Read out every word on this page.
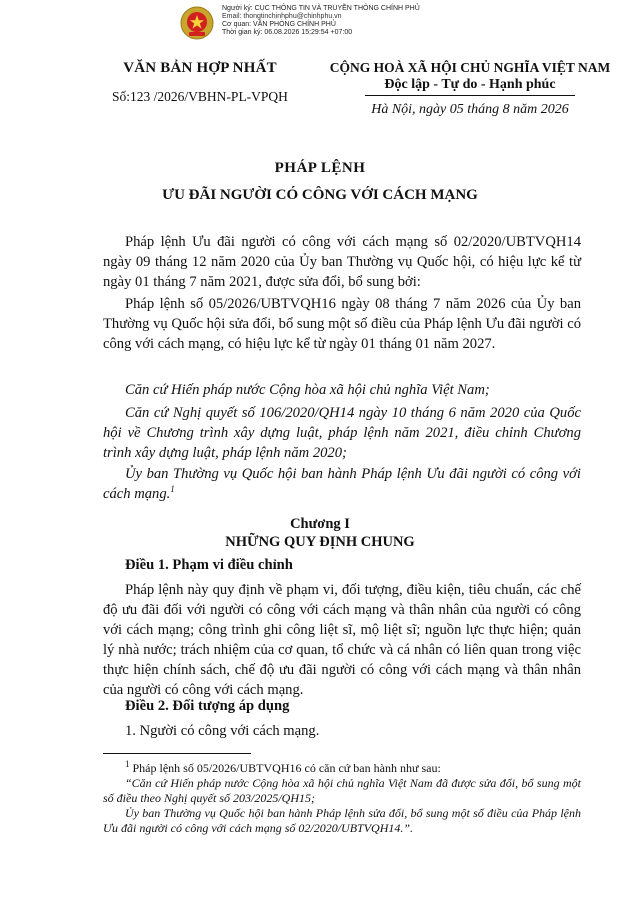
Người ký: CỤC THÔNG TIN VÀ TRUYỀN THÔNG CHÍNH PHỦ
Email: thongtinchinhphu@chinhphu.vn
Cơ quan: VĂN PHÒNG CHÍNH PHỦ
Thời gian ký: 06.08.2026 15:29:54 +07:00
VĂN BẢN HỢP NHẤT
Số:123 /2026/VBHN-PL-VPQH
CỘNG HOÀ XÃ HỘI CHỦ NGHĨA VIỆT NAM
Độc lập - Tự do - Hạnh phúc
Hà Nội, ngày 05 tháng 8 năm 2026
PHÁP LỆNH
ƯU ĐÃI NGƯỜI CÓ CÔNG VỚI CÁCH MẠNG
Pháp lệnh Ưu đãi người có công với cách mạng số 02/2020/UBTVQH14 ngày 09 tháng 12 năm 2020 của Ủy ban Thường vụ Quốc hội, có hiệu lực kể từ ngày 01 tháng 7 năm 2021, được sửa đổi, bổ sung bởi:
Pháp lệnh số 05/2026/UBTVQH16 ngày 08 tháng 7 năm 2026 của Ủy ban Thường vụ Quốc hội sửa đổi, bổ sung một số điều của Pháp lệnh Ưu đãi người có công với cách mạng, có hiệu lực kể từ ngày 01 tháng 01 năm 2027.
Căn cứ Hiến pháp nước Cộng hòa xã hội chủ nghĩa Việt Nam;
Căn cứ Nghị quyết số 106/2020/QH14 ngày 10 tháng 6 năm 2020 của Quốc hội về Chương trình xây dựng luật, pháp lệnh năm 2021, điều chỉnh Chương trình xây dựng luật, pháp lệnh năm 2020;
Ủy ban Thường vụ Quốc hội ban hành Pháp lệnh Ưu đãi người có công với cách mạng.$^1$
Chương I
NHỮNG QUY ĐỊNH CHUNG
Điều 1. Phạm vi điều chỉnh
Pháp lệnh này quy định về phạm vi, đối tượng, điều kiện, tiêu chuẩn, các chế độ ưu đãi đối với người có công với cách mạng và thân nhân của người có công với cách mạng; công trình ghi công liệt sĩ, mộ liệt sĩ; nguồn lực thực hiện; quản lý nhà nước; trách nhiệm của cơ quan, tổ chức và cá nhân có liên quan trong việc thực hiện chính sách, chế độ ưu đãi người có công với cách mạng và thân nhân của người có công với cách mạng.
Điều 2. Đối tượng áp dụng
1. Người có công với cách mạng.
$^1$ Pháp lệnh số 05/2026/UBTVQH16 có căn cứ ban hành như sau:
“Căn cứ Hiến pháp nước Cộng hòa xã hội chủ nghĩa Việt Nam đã được sửa đổi, bổ sung một số điều theo Nghị quyết số 203/2025/QH15;
Ủy ban Thường vụ Quốc hội ban hành Pháp lệnh sửa đổi, bổ sung một số điều của Pháp lệnh Ưu đãi người có công với cách mạng số 02/2020/UBTVQH14.”.
